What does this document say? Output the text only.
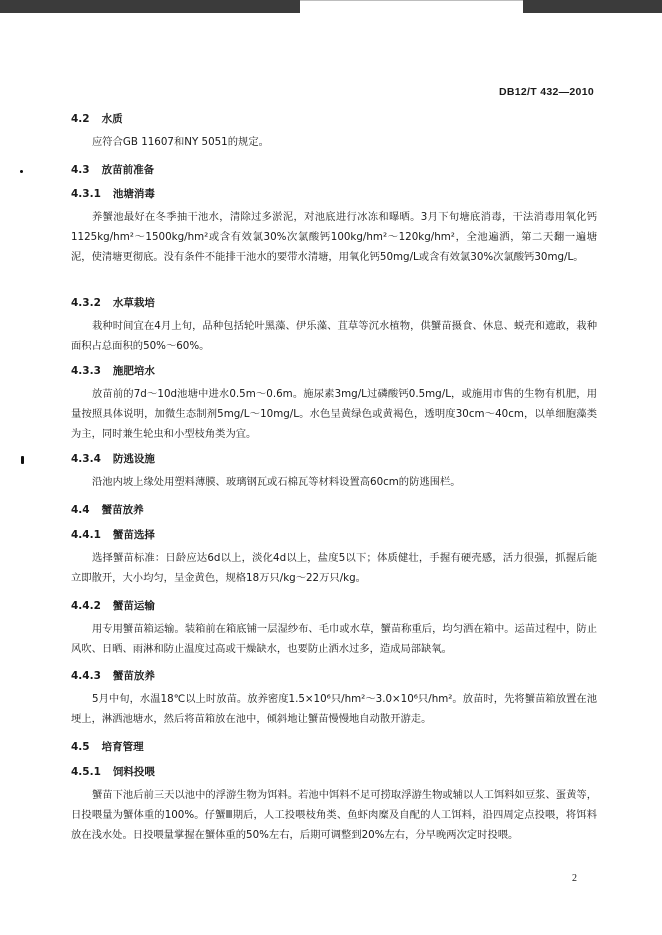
DB12/T 432—2010
4.2 水质

应符合GB 11607和NY 5051的规定。

4.3 放苗前准备
4.3.1 池塘消毒

养蟹池最好在冬季抽干池水，清除过多淤泥，对池底进行冰冻和曝晒。3月下旬塘底消毒，干法消毒用氧化钙1125kg/hm²～1500kg/hm²或含有效氯30%次氯酸钙100kg/hm²～120kg/hm²，全池遍洒，第二天翻一遍塘泥，使清塘更彻底。没有条件不能排干池水的要带水清塘，用氧化钙50mg/L或含有效氯30%次氯酸钙30mg/L。

4.3.2 水草栽培

栽种时间宜在4月上旬，品种包括轮叶黑藻、伊乐藻、苴草等沉水植物，供蟹苗摄食、休息、蜕壳和遮敢，栽种面积占总面积的50%～60%。

4.3.3 施肥培水

放苗前的7d～10d池塘中进水0.5m～0.6m。施尿素3mg/L过磷酸钙0.5mg/L，或施用市售的生物有机肥，用量按照具体说明，加微生态制剂5mg/L～10mg/L。水色呈黄绿色或黄褐色，透明度30cm～40cm，以单细胞藻类为主，同时兼生轮虫和小型枝角类为宜。

4.3.4 防逃设施

沿池内坡上缘处用塑料薄膜、玻璃钢瓦或石棉瓦等材料设置高60cm的防逃围栏。

4.4 蟹苗放养
4.4.1 蟹苗选择

选择蟹苗标准：日龄应达6d以上，淡化4d以上，盐度5以下；体质健壮，手握有硬壳感，活力很强，抓握后能立即散开，大小均匀，呈金黄色，规格18万只/kg～22万只/kg。

4.4.2 蟹苗运输

用专用蟹苗箱运输。装箱前在箱底铺一层湿纱布、毛巾或水草，蟹苗称重后，均匀洒在箱中。运苗过程中，防止风吹、日晒、雨淋和防止温度过高或干燥缺水，也要防止洒水过多，造成局部缺氧。

4.4.3 蟹苗放养

5月中旬，水温18℃以上时放苗。放养密度1.5×10⁶只/hm²～3.0×10⁶只/hm²。放苗时，先将蟹苗箱放置在池埂上，淋洒池塘水，然后将苗箱放在池中，倾斜地让蟹苗慢慢地自动散开游走。

4.5 培育管理
4.5.1 饲料投喂

蟹苗下池后前三天以池中的浮游生物为饵料。若池中饵料不足可捞取浮游生物或辅以人工饵料如豆浆、蛋黄等，日投喂量为蟹体重的100%。仔蟹Ⅲ期后，人工投喂枝角类、鱼虾肉糜及自配的人工饵料，沿四周定点投喂，将饵料放在浅水处。日投喂量掌握在蟹体重的50%左右，后期可调整到20%左右，分早晚两次定时投喂。

2
